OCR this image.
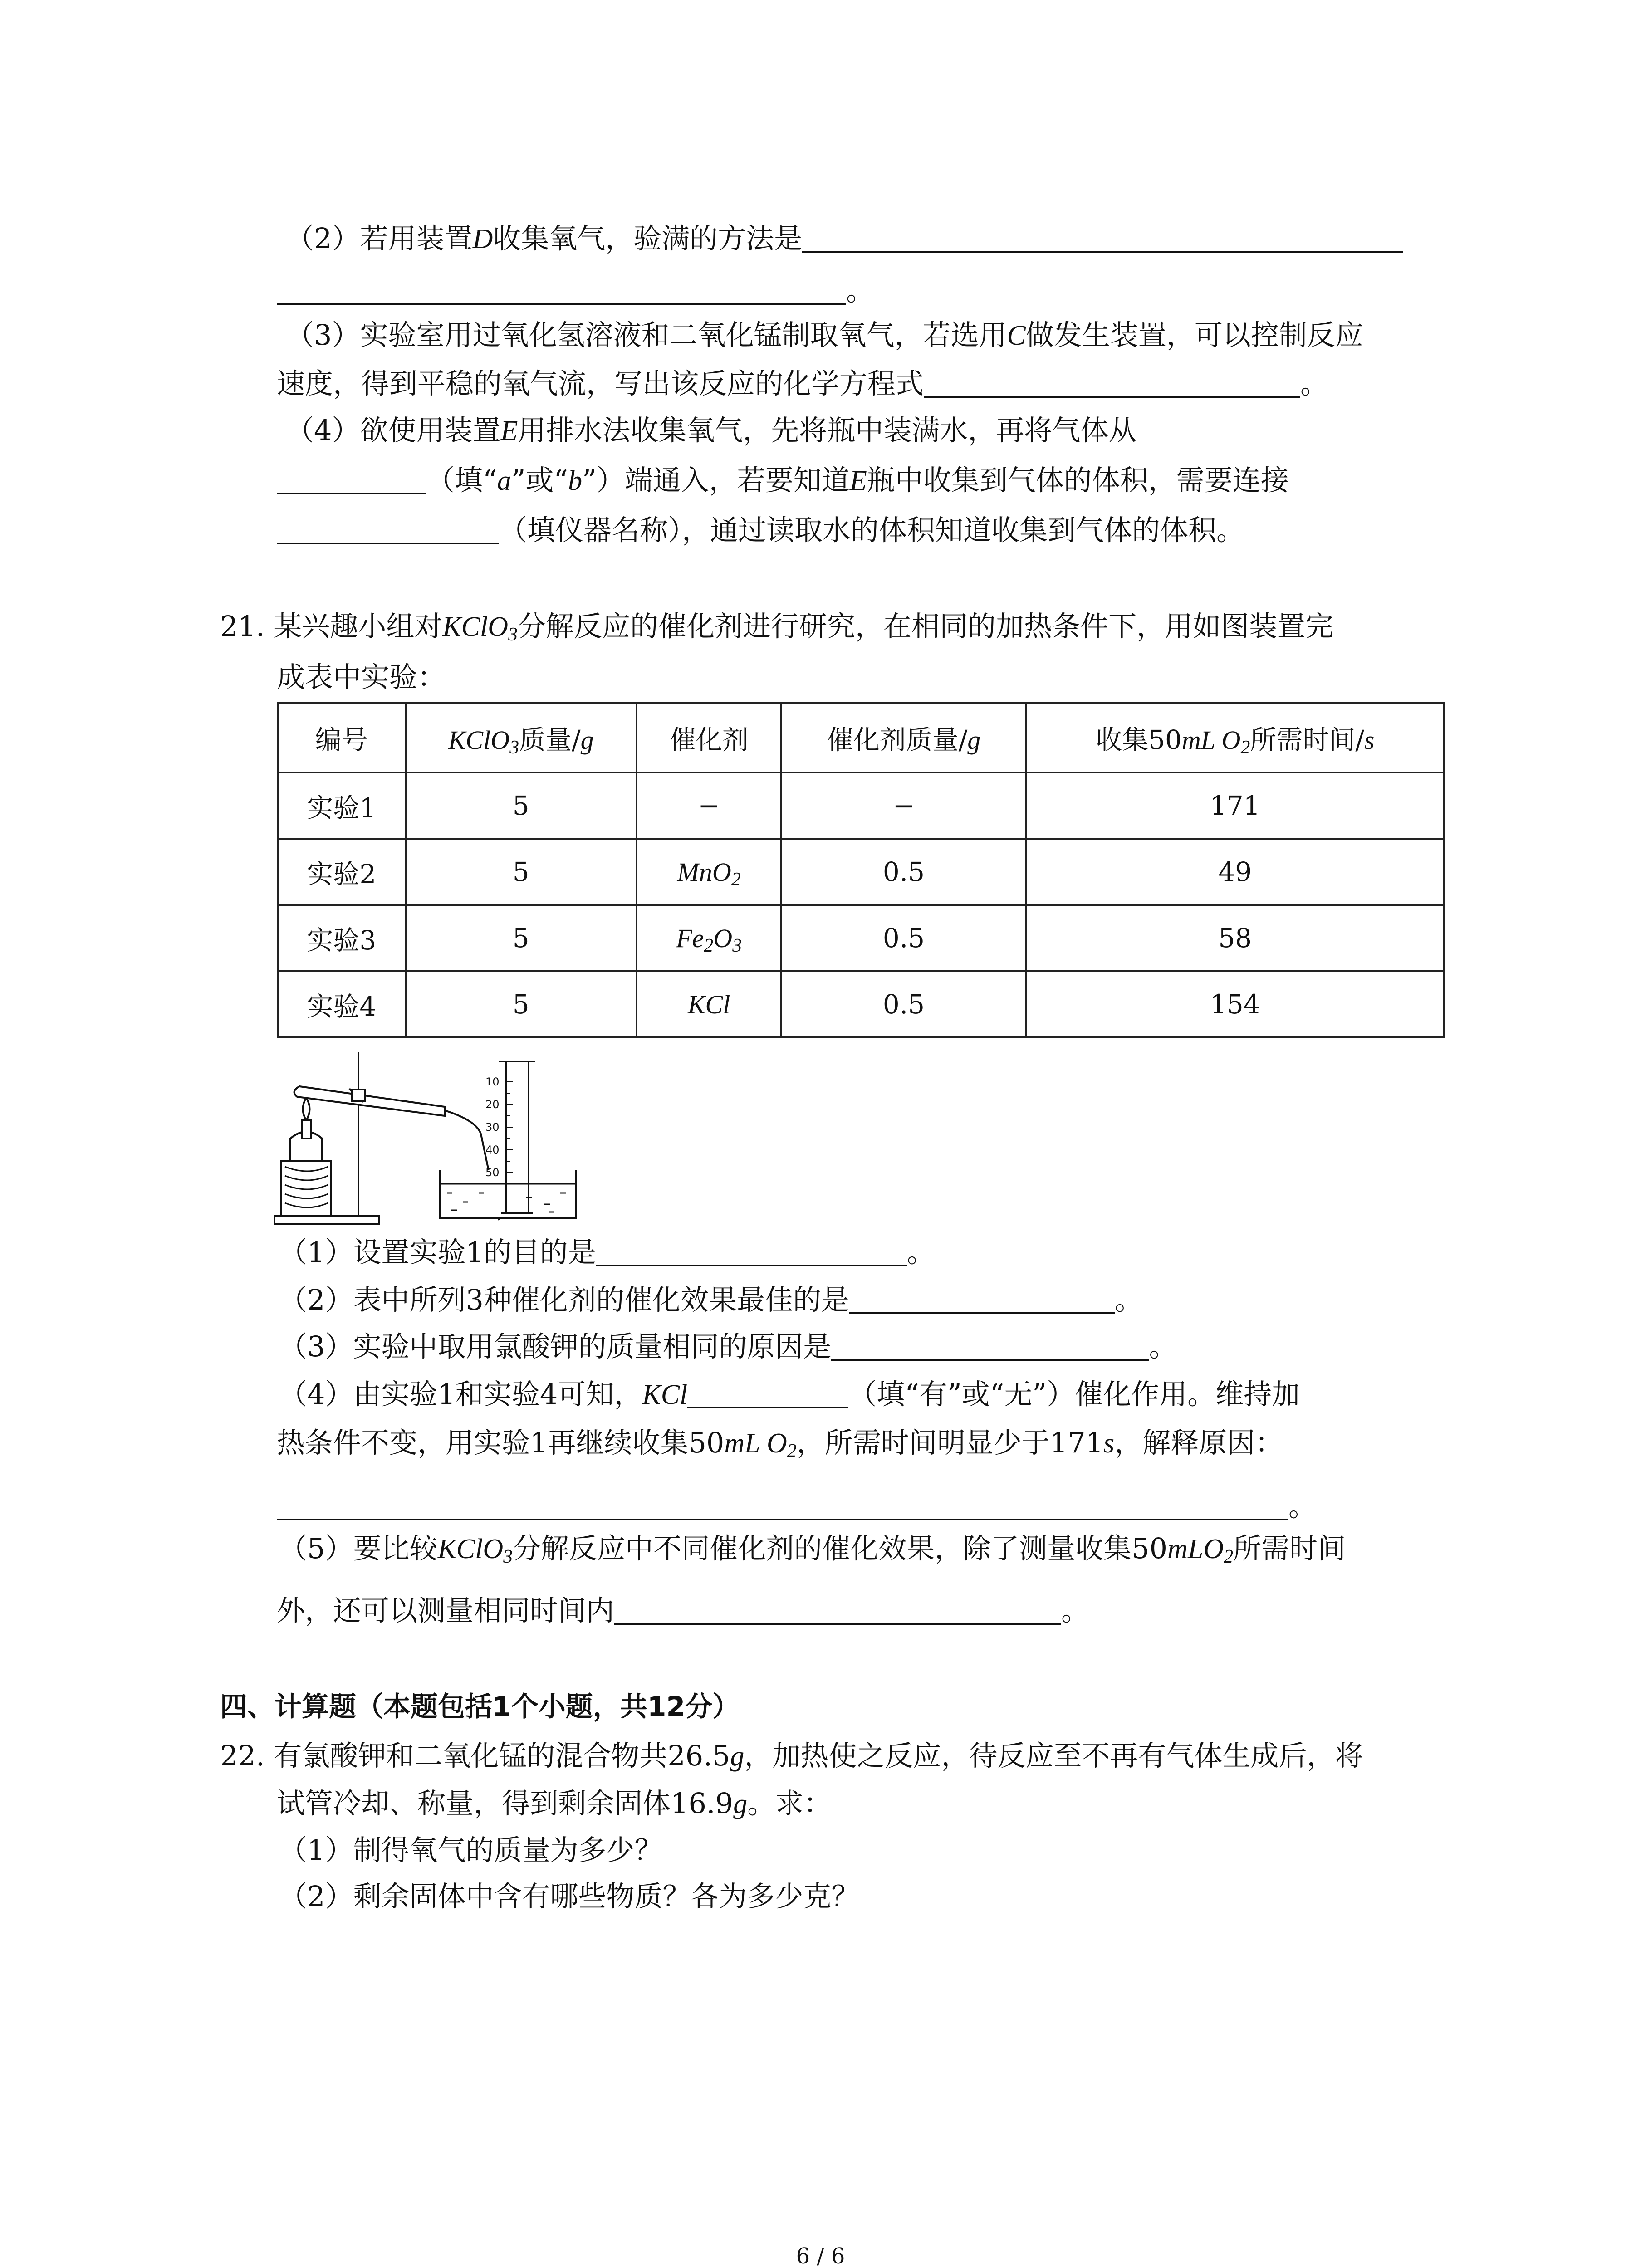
（2）若用装置D收集氧气，验满的方法是
。
（3）实验室用过氧化氢溶液和二氧化锰制取氧气，若选用C做发生装置，可以控制反应
速度，得到平稳的氧气流，写出该反应的化学方程式	。
（4）欲使用装置E用排水法收集氧气，先将瓶中装满水，再将气体从
（填“a”或“b”）端通入，若要知道E瓶中收集到气体的体积，需要连接
（填仪器名称），通过读取水的体积知道收集到气体的体积。
21. 某兴趣小组对KClO$_3$分解反应的催化剂进行研究，在相同的加热条件下，用如图装置完
成表中实验：
编号	KClO$_3$质量/g	催化剂	催化剂质量/g	收集50mL $O_2$所需时间/s
实验1	5	−	−	171
实验2	5	MnO$_2$	0.5	49
实验3	5	$Fe_2O_3$	0.5	58
实验4	5	KCl	0.5	154
10
20
30
40
50
（1）设置实验1的目的是	。
（2）表中所列3种催化剂的催化效果最佳的是	。
（3）实验中取用氯酸钾的质量相同的原因是	。
（4）由实验1和实验4可知，KCl	（填“有”或“无”）催化作用。维持加
热条件不变，用实验1再继续收集50mL $O_2$，所需时间明显少于171s，解释原因：
。
（5）要比较KClO$_3$分解反应中不同催化剂的催化效果，除了测量收集50mLO$_2$所需时间
外，还可以测量相同时间内	。
四、计算题（本题包括1个小题，共12分）
22. 有氯酸钾和二氧化锰的混合物共26.5g，加热使之反应，待反应至不再有气体生成后，将
试管冷却、称量，得到剩余固体16.9g。求：
（1）制得氧气的质量为多少？
（2）剩余固体中含有哪些物质？各为多少克？
6 / 6
